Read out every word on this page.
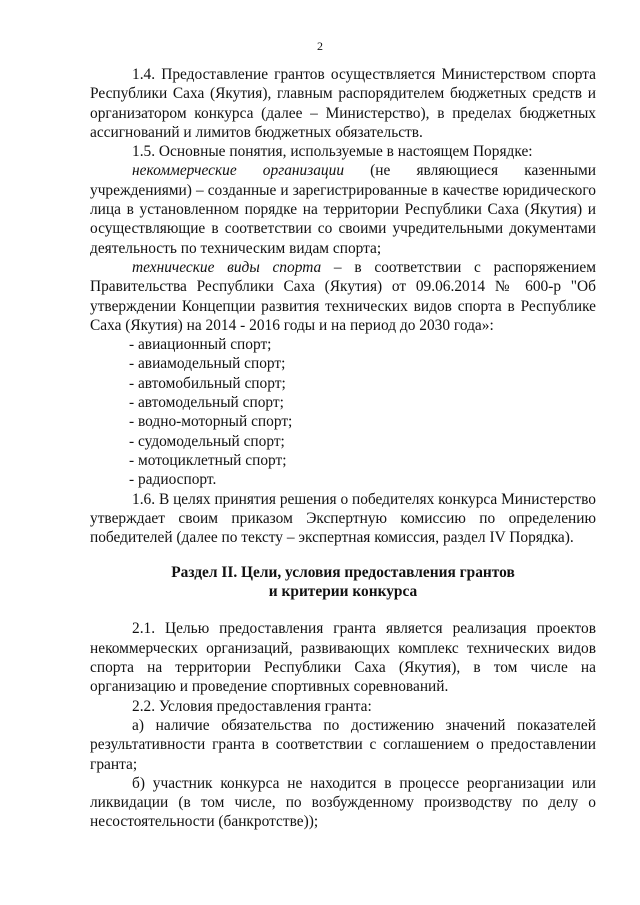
2

1.4. Предоставление грантов осуществляется Министерством спорта Республики Саха (Якутия), главным распорядителем бюджетных средств и организатором конкурса (далее – Министерство), в пределах бюджетных ассигнований и лимитов бюджетных обязательств.

1.5. Основные понятия, используемые в настоящем Порядке:

некоммерческие организации (не являющиеся казенными учреждениями) – созданные и зарегистрированные в качестве юридического лица в установленном порядке на территории Республики Саха (Якутия) и осуществляющие в соответствии со своими учредительными документами деятельность по техническим видам спорта;

технические виды спорта – в соответствии с распоряжением Правительства Республики Саха (Якутия) от 09.06.2014 № 600-р "Об утверждении Концепции развития технических видов спорта в Республике Саха (Якутия) на 2014 - 2016 годы и на период до 2030 года»:

- авиационный спорт;

- авиамодельный спорт;

- автомобильный спорт;

- автомодельный спорт;

- водно-моторный спорт;

- судомодельный спорт;

- мотоциклетный спорт;

- радиоспорт.

1.6. В целях принятия решения о победителях конкурса Министерство утверждает своим приказом Экспертную комиссию по определению победителей (далее по тексту – экспертная комиссия, раздел IV Порядка).

Раздел II. Цели, условия предоставления грантов
и критерии конкурса

2.1. Целью предоставления гранта является реализация проектов некоммерческих организаций, развивающих комплекс технических видов спорта на территории Республики Саха (Якутия), в том числе на организацию и проведение спортивных соревнований.

2.2. Условия предоставления гранта:

а) наличие обязательства по достижению значений показателей результативности гранта в соответствии с соглашением о предоставлении гранта;

б) участник конкурса не находится в процессе реорганизации или ликвидации (в том числе, по возбужденному производству по делу о несостоятельности (банкротстве));
